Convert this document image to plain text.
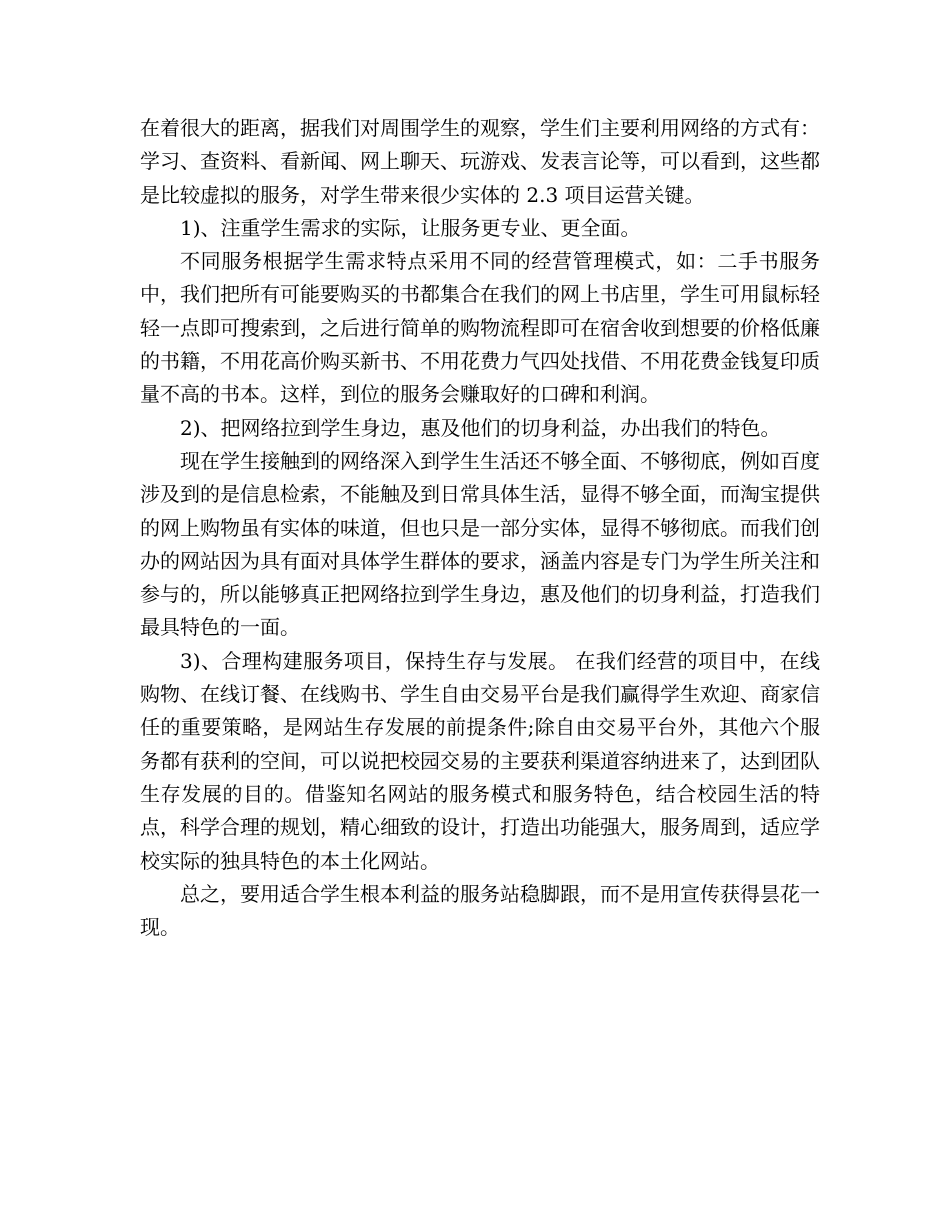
在着很大的距离，据我们对周围学生的观察，学生们主要利用网络的方式有：学习、查资料、看新闻、网上聊天、玩游戏、发表言论等，可以看到，这些都是比较虚拟的服务，对学生带来很少实体的 2.3 项目运营关键。

1)、注重学生需求的实际，让服务更专业、更全面。

不同服务根据学生需求特点采用不同的经营管理模式，如：二手书服务中，我们把所有可能要购买的书都集合在我们的网上书店里，学生可用鼠标轻轻一点即可搜索到，之后进行简单的购物流程即可在宿舍收到想要的价格低廉的书籍，不用花高价购买新书、不用花费力气四处找借、不用花费金钱复印质量不高的书本。这样，到位的服务会赚取好的口碑和利润。

2)、把网络拉到学生身边，惠及他们的切身利益，办出我们的特色。

现在学生接触到的网络深入到学生生活还不够全面、不够彻底，例如百度涉及到的是信息检索，不能触及到日常具体生活，显得不够全面，而淘宝提供的网上购物虽有实体的味道，但也只是一部分实体，显得不够彻底。而我们创办的网站因为具有面对具体学生群体的要求，涵盖内容是专门为学生所关注和参与的，所以能够真正把网络拉到学生身边，惠及他们的切身利益，打造我们最具特色的一面。

3)、合理构建服务项目，保持生存与发展。 在我们经营的项目中，在线购物、在线订餐、在线购书、学生自由交易平台是我们赢得学生欢迎、商家信任的重要策略，是网站生存发展的前提条件;除自由交易平台外，其他六个服务都有获利的空间，可以说把校园交易的主要获利渠道容纳进来了，达到团队生存发展的目的。借鉴知名网站的服务模式和服务特色，结合校园生活的特点，科学合理的规划，精心细致的设计，打造出功能强大，服务周到，适应学校实际的独具特色的本土化网站。

总之，要用适合学生根本利益的服务站稳脚跟，而不是用宣传获得昙花一现。
